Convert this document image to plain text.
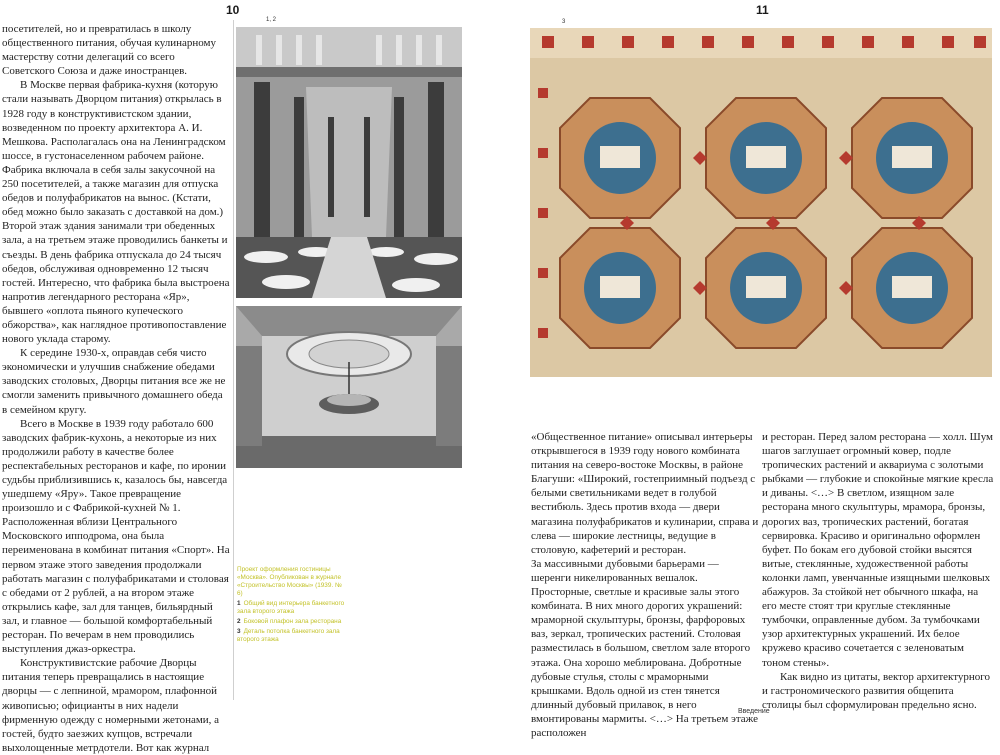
10	11
1, 2	3

посетителей, но и превратилась в школу общественного питания, обучая кулинарному мастерству сотни делегаций со всего Советского Союза и даже иностранцев.

В Москве первая фабрика-кухня (которую стали называть Дворцом питания) открылась в 1928 году в конструктивистском здании, возведенном по проекту архитектора А. И. Мешкова. Располагалась она на Ленинградском шоссе, в густонаселенном рабочем районе. Фабрика включала в себя залы закусочной на 250 посетителей, а также магазин для отпуска обедов и полуфабрикатов на вынос. (Кстати, обед можно было заказать с доставкой на дом.) Второй этаж здания занимали три обеденных зала, а на третьем этаже проводились банкеты и съезды. В день фабрика отпускала до 24 тысяч обедов, обслуживая одновременно 12 тысяч гостей. Интересно, что фабрика была выстроена напротив легендарного ресторана «Яр», бывшего «оплота пьяного купеческого обжорства», как наглядное противопоставление нового уклада старому.

К середине 1930-х, оправдав себя чисто экономически и улучшив снабжение обедами заводских столовых, Дворцы питания все же не смогли заменить привычного домашнего обеда в семейном кругу.

Всего в Москве в 1939 году работало 600 заводских фабрик-кухонь, а некоторые из них продолжили работу в качестве более респектабельных ресторанов и кафе, по иронии судьбы приблизившись к, казалось бы, навсегда ушедшему «Яру». Такое превращение произошло и с Фабрикой-кухней № 1. Расположенная вблизи Центрального Московского ипподрома, она была переименована в комбинат питания «Спорт». На первом этаже этого заведения продолжали работать магазин с полуфабрикатами и столовая с обедами от 2 рублей, а на втором этаже открылись кафе, зал для танцев, бильярдный зал, и главное — большой комфортабельный ресторан. По вечерам в нем проводились выступления джаз-оркестра.

Конструктивистские рабочие Дворцы питания теперь превращались в настоящие дворцы — с лепниной, мрамором, плафонной живописью; официанты в них надели фирменную одежду с номерными жетонами, а гостей, будто заезжих купцов, встречали выхолощенные метрдотели. Вот как журнал

Проект оформления гостиницы «Москва». Опубликован в журнале «Строительство Москвы» (1939. № 6)
1 Общий вид интерьера банкетного зала второго этажа
2 Боковой плафон зала ресторана
3 Деталь потолка банкетного зала второго этажа

«Общественное питание» описывал интерьеры открывшегося в 1939 году нового комбината питания на северо-востоке Москвы, в районе Благуши: «Широкий, гостеприимный подъезд с белыми светильниками ведет в голубой вестибюль. Здесь против входа — двери магазина полуфабрикатов и кулинарии, справа и слева — широкие лестницы, ведущие в столовую, кафетерий и ресторан.

За массивными дубовыми барьерами — шеренги никелированных вешалок. Просторные, светлые и красивые залы этого комбината. В них много дорогих украшений: мраморной скульптуры, бронзы, фарфоровых ваз, зеркал, тропических растений. Столовая разместилась в большом, светлом зале второго этажа. Она хорошо меблирована. Добротные дубовые стулья, столы с мраморными крышками. Вдоль одной из стен тянется длинный дубовый прилавок, в него вмонтированы мармиты. <…> На третьем этаже расположен

и ресторан. Перед залом ресторана — холл. Шум шагов заглушает огромный ковер, подле тропических растений и аквариума с золотыми рыбками — глубокие и спокойные мягкие кресла и диваны. <…> В светлом, изящном зале ресторана много скульптуры, мрамора, бронзы, дорогих ваз, тропических растений, богатая сервировка. Красиво и оригинально оформлен буфет. По бокам его дубовой стойки высятся витые, стеклянные, художественной работы колонки ламп, увенчанные изящными шелковых абажуров. За стойкой нет обычного шкафа, на его месте стоят три круглые стеклянные тумбочки, оправленные дубом. За тумбочками узор архитектурных украшений. Их белое кружево красиво сочетается с зеленоватым тоном стены».

Как видно из цитаты, вектор архитектурного и гастрономического развития общепита столицы был сформулирован предельно ясно.

Введение
